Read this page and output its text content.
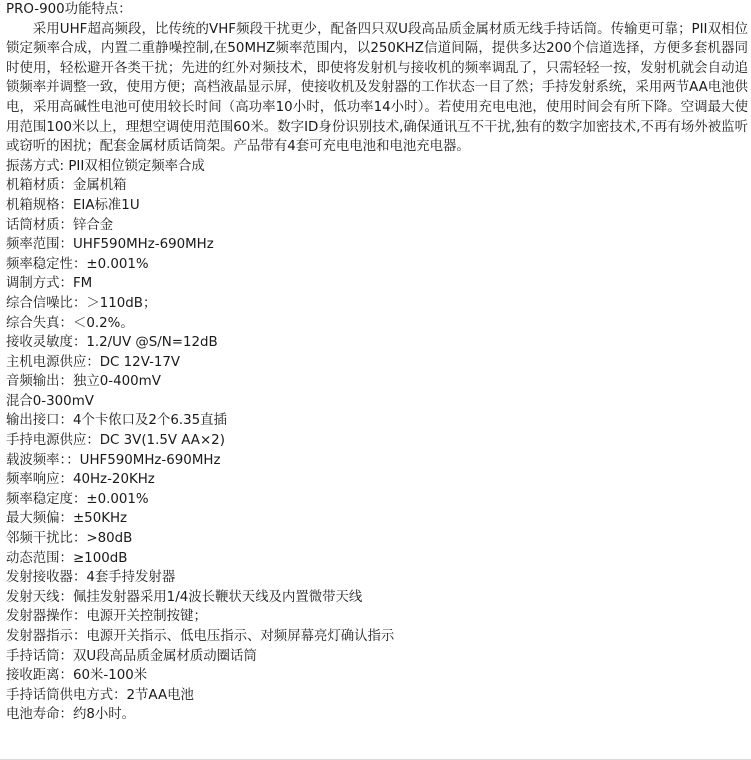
PRO-900功能特点：

采用UHF超高频段，比传统的VHF频段干扰更少，配备四只双U段高品质金属材质无线手持话筒。传输更可靠；PII双相位锁定频率合成，内置二重静噪控制,在50MHZ频率范围内，以250KHZ信道间隔，提供多达200个信道选择，方便多套机器同时使用，轻松避开各类干扰；先进的红外对频技术，即使将发射机与接收机的频率调乱了，只需轻轻一按，发射机就会自动追锁频率并调整一致，使用方便；高档液晶显示屏，使接收机及发射器的工作状态一目了然；手持发射系统，采用两节AA电池供电，采用高碱性电池可使用较长时间（高功率10小时，低功率14小时）。若使用充电电池，使用时间会有所下降。空调最大使用范围100米以上，理想空调使用范围60米。数字ID身份识别技术,确保通讯互不干扰,独有的数字加密技术,不再有场外被监听或窃听的困扰；配套金属材质话筒架。产品带有4套可充电电池和电池充电器。

振荡方式: PII双相位锁定频率合成
机箱材质：金属机箱
机箱规格：EIA标准1U
话筒材质：锌合金
频率范围：UHF590MHz-690MHz
频率稳定性：±0.001%
调制方式：FM
综合信噪比：＞110dB；
综合失真：＜0.2%。
接收灵敏度：1.2/UV @S/N=12dB
主机电源供应：DC 12V-17V
音频输出：独立0-400mV
混合0-300mV
输出接口：4个卡侬口及2个6.35直插
手持电源供应：DC 3V(1.5V AA×2)
载波频率：：UHF590MHz-690MHz
频率响应：40Hz-20KHz
频率稳定度：±0.001%
最大频偏：±50KHz
邻频干扰比：>80dB
动态范围：≥100dB
发射接收器：4套手持发射器
发射天线：佩挂发射器采用1/4波长鞭状天线及内置微带天线
发射器操作：电源开关控制按键；
发射器指示：电源开关指示、低电压指示、对频屏幕亮灯确认指示
手持话筒：双U段高品质金属材质动圈话筒
接收距离：60米-100米
手持话筒供电方式：2节AA电池
电池寿命：约8小时。
